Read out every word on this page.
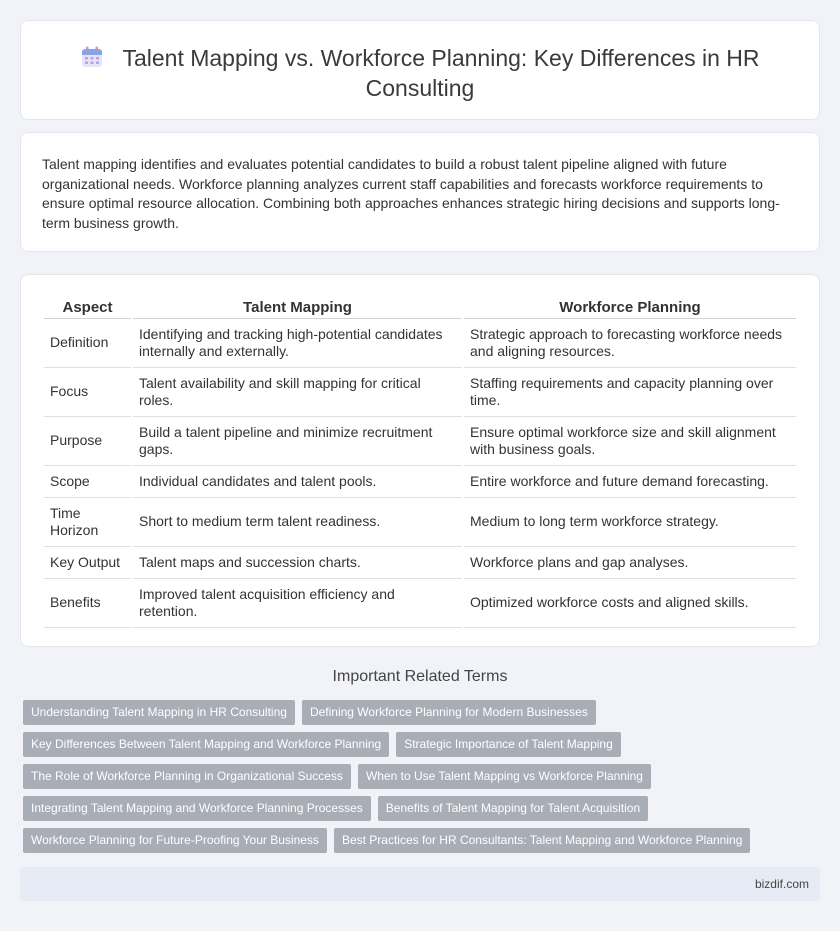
Talent Mapping vs. Workforce Planning: Key Differences in HR Consulting

Talent mapping identifies and evaluates potential candidates to build a robust talent pipeline aligned with future organizational needs. Workforce planning analyzes current staff capabilities and forecasts workforce requirements to ensure optimal resource allocation. Combining both approaches enhances strategic hiring decisions and supports long-term business growth.

Aspect	Talent Mapping	Workforce Planning
Definition	Identifying and tracking high-potential candidates internally and externally.	Strategic approach to forecasting workforce needs and aligning resources.
Focus	Talent availability and skill mapping for critical roles.	Staffing requirements and capacity planning over time.
Purpose	Build a talent pipeline and minimize recruitment gaps.	Ensure optimal workforce size and skill alignment with business goals.
Scope	Individual candidates and talent pools.	Entire workforce and future demand forecasting.
Time Horizon	Short to medium term talent readiness.	Medium to long term workforce strategy.
Key Output	Talent maps and succession charts.	Workforce plans and gap analyses.
Benefits	Improved talent acquisition efficiency and retention.	Optimized workforce costs and aligned skills.
Important Related Terms
Understanding Talent Mapping in HR Consulting	Defining Workforce Planning for Modern Businesses
Key Differences Between Talent Mapping and Workforce Planning	Strategic Importance of Talent Mapping
The Role of Workforce Planning in Organizational Success	When to Use Talent Mapping vs Workforce Planning
Integrating Talent Mapping and Workforce Planning Processes	Benefits of Talent Mapping for Talent Acquisition
Workforce Planning for Future-Proofing Your Business	Best Practices for HR Consultants: Talent Mapping and Workforce Planning
bizdif.com
